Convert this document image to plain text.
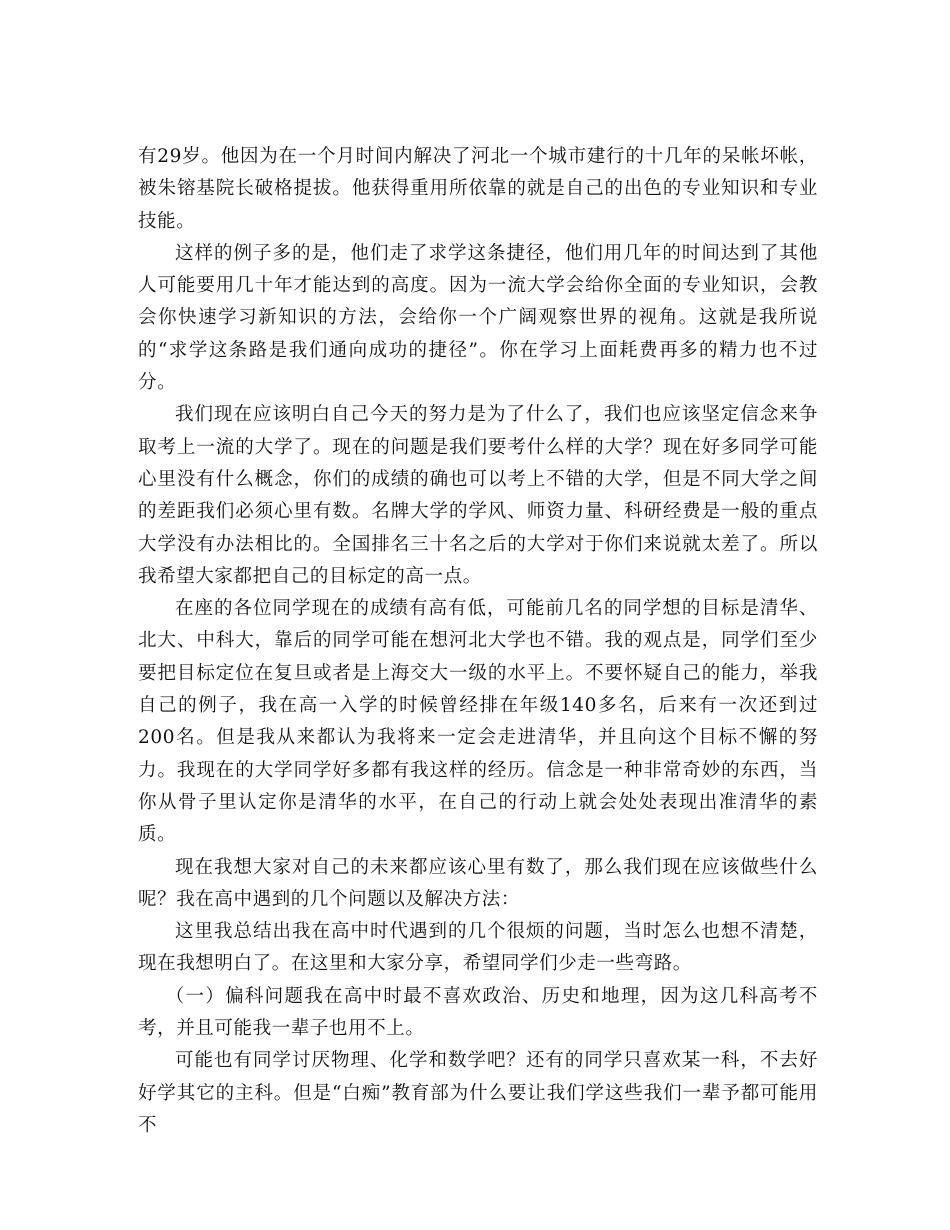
有29岁。他因为在一个月时间内解决了河北一个城市建行的十几年的呆帐坏帐，被朱镕基院长破格提拔。他获得重用所依靠的就是自己的出色的专业知识和专业技能。

这样的例子多的是，他们走了求学这条捷径，他们用几年的时间达到了其他人可能要用几十年才能达到的高度。因为一流大学会给你全面的专业知识，会教会你快速学习新知识的方法，会给你一个广阔观察世界的视角。这就是我所说的“求学这条路是我们通向成功的捷径”。你在学习上面耗费再多的精力也不过分。

我们现在应该明白自己今天的努力是为了什么了，我们也应该坚定信念来争取考上一流的大学了。现在的问题是我们要考什么样的大学？现在好多同学可能心里没有什么概念，你们的成绩的确也可以考上不错的大学，但是不同大学之间的差距我们必须心里有数。名牌大学的学风、师资力量、科研经费是一般的重点大学没有办法相比的。全国排名三十名之后的大学对于你们来说就太差了。所以我希望大家都把自己的目标定的高一点。

在座的各位同学现在的成绩有高有低，可能前几名的同学想的目标是清华、北大、中科大，靠后的同学可能在想河北大学也不错。我的观点是，同学们至少要把目标定位在复旦或者是上海交大一级的水平上。不要怀疑自己的能力，举我自己的例子，我在高一入学的时候曾经排在年级140多名，后来有一次还到过200名。但是我从来都认为我将来一定会走进清华，并且向这个目标不懈的努力。我现在的大学同学好多都有我这样的经历。信念是一种非常奇妙的东西，当你从骨子里认定你是清华的水平，在自己的行动上就会处处表现出准清华的素质。

现在我想大家对自己的未来都应该心里有数了，那么我们现在应该做些什么呢？我在高中遇到的几个问题以及解决方法：

这里我总结出我在高中时代遇到的几个很烦的问题，当时怎么也想不清楚，现在我想明白了。在这里和大家分享，希望同学们少走一些弯路。

（一）偏科问题我在高中时最不喜欢政治、历史和地理，因为这几科高考不考，并且可能我一辈子也用不上。

可能也有同学讨厌物理、化学和数学吧？还有的同学只喜欢某一科，不去好好学其它的主科。但是“白痴”教育部为什么要让我们学这些我们一辈予都可能用不
